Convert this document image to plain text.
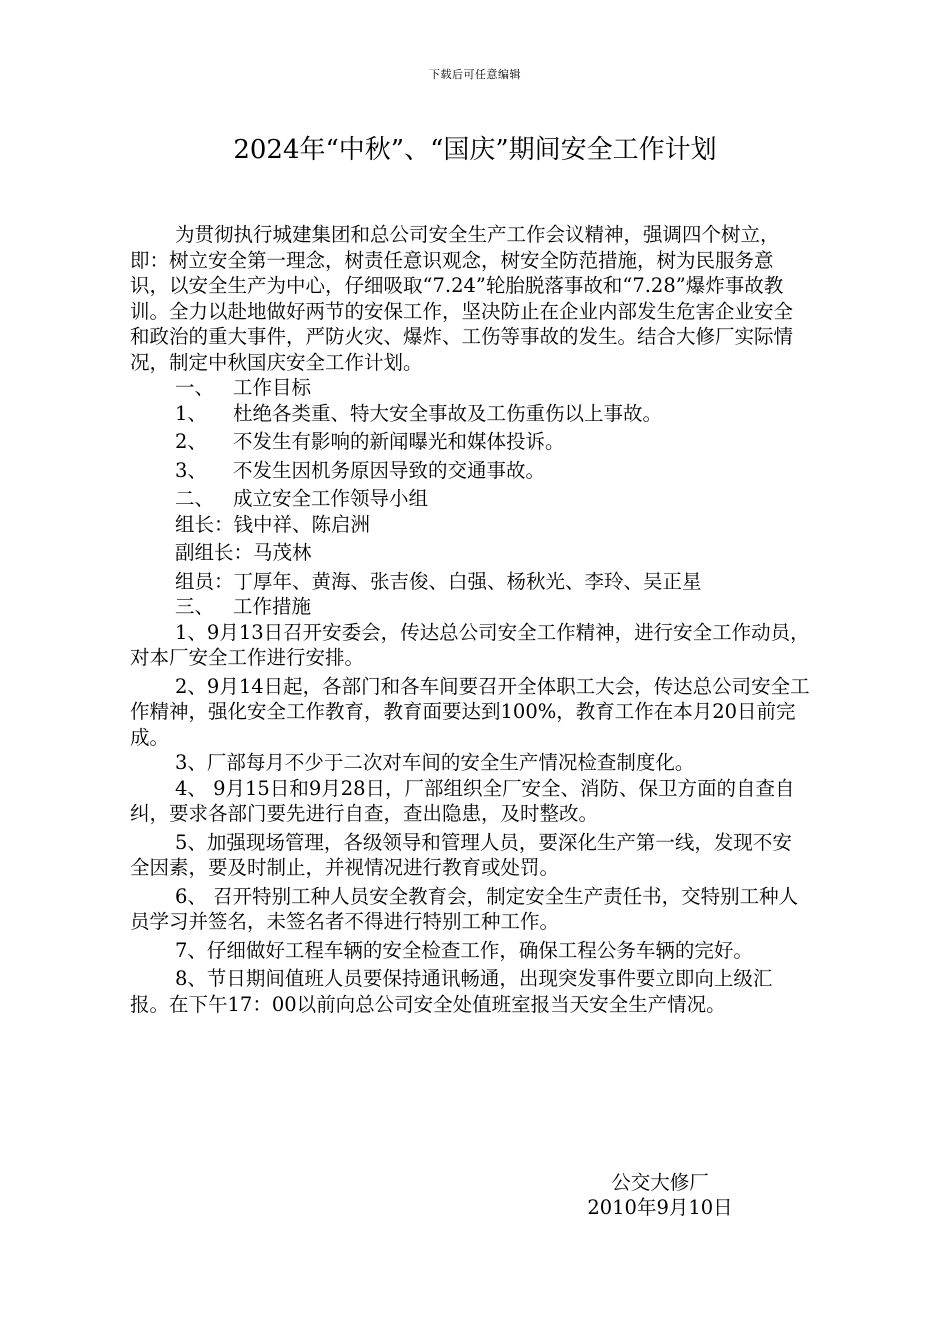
下载后可任意编辑
2024年“中秋”、“国庆”期间安全工作计划

为贯彻执行城建集团和总公司安全生产工作会议精神，强调四个树立，即：树立安全第一理念，树责任意识观念，树安全防范措施，树为民服务意识，以安全生产为中心，仔细吸取“7.24”轮胎脱落事故和“7.28”爆炸事故教训。全力以赴地做好两节的安保工作，坚决防止在企业内部发生危害企业安全和政治的重大事件，严防火灾、爆炸、工伤等事故的发生。结合大修厂实际情况，制定中秋国庆安全工作计划。

一、 工作目标

1、 杜绝各类重、特大安全事故及工伤重伤以上事故。

2、 不发生有影响的新闻曝光和媒体投诉。

3、 不发生因机务原因导致的交通事故。

二、 成立安全工作领导小组

组长：钱中祥、陈启洲

副组长：马茂林

组员：丁厚年、黄海、张吉俊、白强、杨秋光、李玲、吴正星

三、 工作措施

1、9月13日召开安委会，传达总公司安全工作精神，进行安全工作动员，对本厂安全工作进行安排。

2、9月14日起，各部门和各车间要召开全体职工大会，传达总公司安全工作精神，强化安全工作教育，教育面要达到100%，教育工作在本月20日前完成。

3、厂部每月不少于二次对车间的安全生产情况检查制度化。

4、 9月15日和9月28日，厂部组织全厂安全、消防、保卫方面的自查自纠，要求各部门要先进行自查，查出隐患，及时整改。

5、加强现场管理，各级领导和管理人员，要深化生产第一线，发现不安全因素，要及时制止，并视情况进行教育或处罚。

6、 召开特别工种人员安全教育会，制定安全生产责任书，交特别工种人员学习并签名，未签名者不得进行特别工种工作。

7、仔细做好工程车辆的安全检查工作，确保工程公务车辆的完好。

8、节日期间值班人员要保持通讯畅通，出现突发事件要立即向上级汇报。在下午17：00以前向总公司安全处值班室报当天安全生产情况。

公交大修厂

2010年9月10日
